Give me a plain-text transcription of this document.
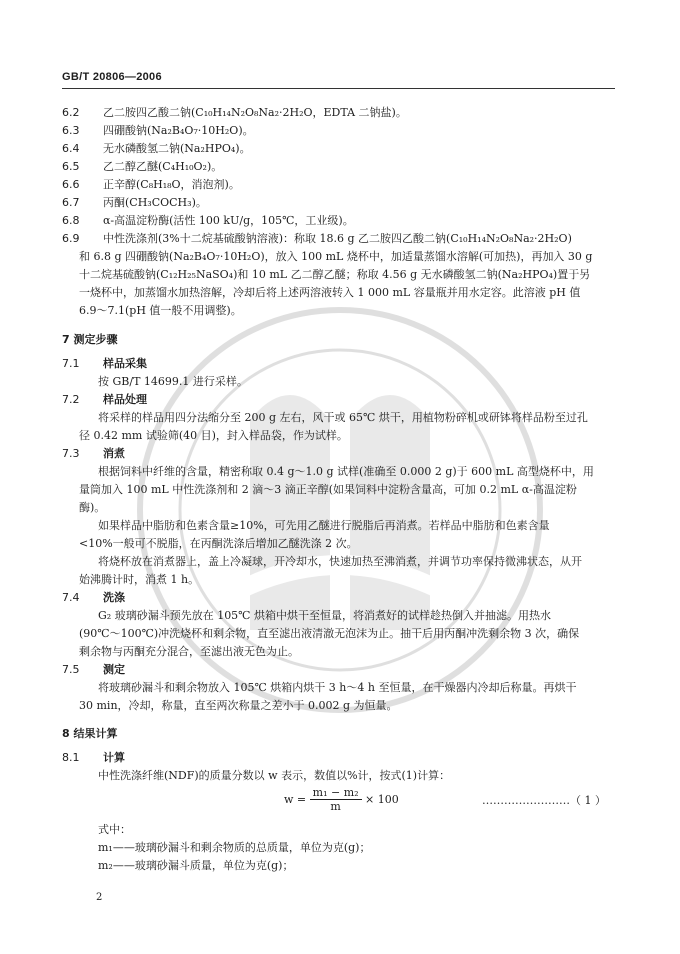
GB/T 20806—2006
6.2 乙二胺四乙酸二钠(C₁₀H₁₄N₂O₈Na₂·2H₂O，EDTA 二钠盐)。
6.3 四硼酸钠(Na₂B₄O₇·10H₂O)。
6.4 无水磷酸氢二钠(Na₂HPO₄)。
6.5 乙二醇乙醚(C₄H₁₀O₂)。
6.6 正辛醇(C₈H₁₈O，消泡剂)。
6.7 丙酮(CH₃COCH₃)。
6.8 α-高温淀粉酶(活性 100 kU/g，105℃，工业级)。
6.9 中性洗涤剂(3%十二烷基硫酸钠溶液)：称取 18.6 g 乙二胺四乙酸二钠(C₁₀H₁₄N₂O₈Na₂·2H₂O)
和 6.8 g 四硼酸钠(Na₂B₄O₇·10H₂O)，放入 100 mL 烧杯中，加适量蒸馏水溶解(可加热)，再加入 30 g
十二烷基硫酸钠(C₁₂H₂₅NaSO₄)和 10 mL 乙二醇乙醚；称取 4.56 g 无水磷酸氢二钠(Na₂HPO₄)置于另
一烧杯中，加蒸馏水加热溶解，冷却后将上述两溶液转入 1 000 mL 容量瓶并用水定容。此溶液 pH 值
6.9～7.1(pH 值一般不用调整)。
7 测定步骤
7.1 样品采集
按 GB/T 14699.1 进行采样。
7.2 样品处理
将采样的样品用四分法缩分至 200 g 左右，风干或 65℃ 烘干，用植物粉碎机或研钵将样品粉至过孔
径 0.42 mm 试验筛(40 目)，封入样品袋，作为试样。
7.3 消煮
根据饲料中纤维的含量，精密称取 0.4 g～1.0 g 试样(准确至 0.000 2 g)于 600 mL 高型烧杯中，用
量筒加入 100 mL 中性洗涤剂和 2 滴～3 滴正辛醇(如果饲料中淀粉含量高，可加 0.2 mL α-高温淀粉
酶)。
如果样品中脂肪和色素含量≥10%，可先用乙醚进行脱脂后再消煮。若样品中脂肪和色素含量
<10%一般可不脱脂，在丙酮洗涤后增加乙醚洗涤 2 次。
将烧杯放在消煮器上，盖上冷凝球，开冷却水，快速加热至沸消煮，并调节功率保持微沸状态，从开
始沸腾计时，消煮 1 h。
7.4 洗涤
G₂ 玻璃砂漏斗预先放在 105℃ 烘箱中烘干至恒量，将消煮好的试样趁热倒入并抽滤。用热水
(90℃～100℃)冲洗烧杯和剩余物，直至滤出液清澈无泡沫为止。抽干后用丙酮冲洗剩余物 3 次，确保
剩余物与丙酮充分混合，至滤出液无色为止。
7.5 测定
将玻璃砂漏斗和剩余物放入 105℃ 烘箱内烘干 3 h～4 h 至恒量，在干燥器内冷却后称量。再烘干
30 min，冷却，称量，直至两次称量之差小于 0.002 g 为恒量。
8 结果计算
8.1 计算
中性洗涤纤维(NDF)的质量分数以 w 表示，数值以%计，按式(1)计算：
$w = \frac{\text{m₁ − m₂}}{m} \times 100$	……………………（ 1 ）
式中：
m₁——玻璃砂漏斗和剩余物质的总质量，单位为克(g)；
m₂——玻璃砂漏斗质量，单位为克(g)；
2
